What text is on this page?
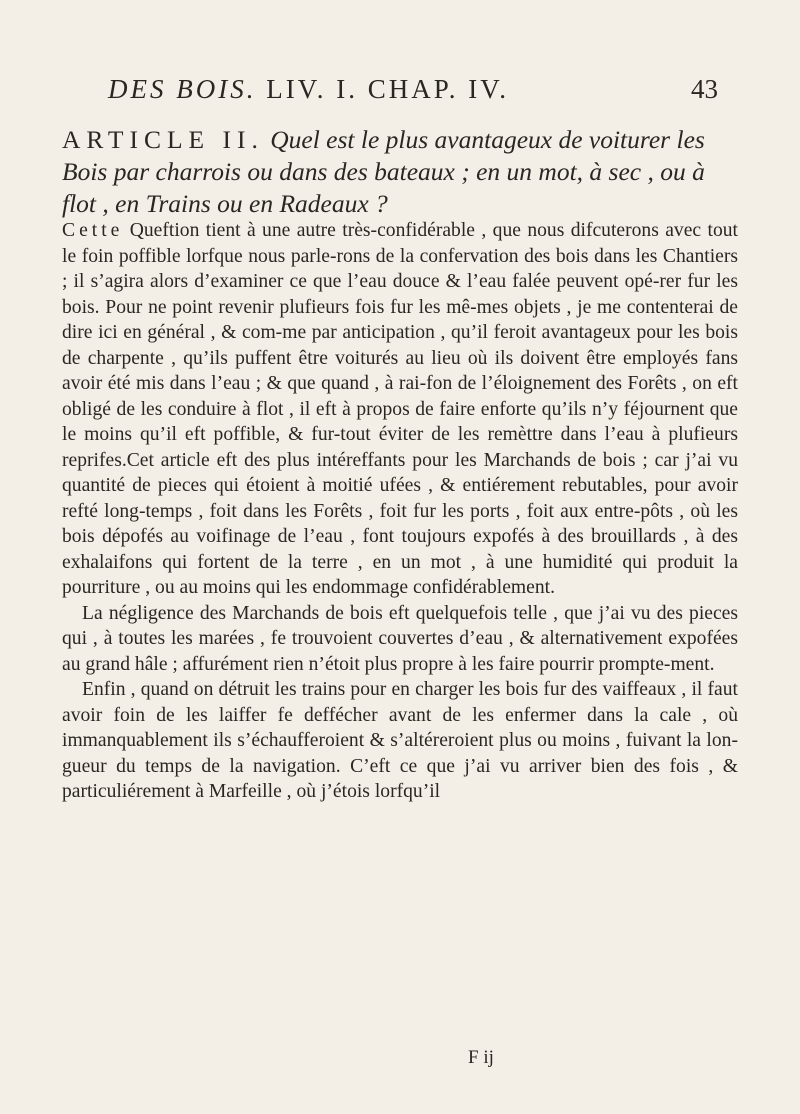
DES BOIS. LIV. I. CHAP. IV.	43
ARTICLE II. Quel est le plus avantageux de voiturer les Bois par charrois ou dans des bateaux ; en un mot, à sec , ou à flot , en Trains ou en Radeaux ?

Cette Queftion tient à une autre très-confidérable , que nous difcuterons avec tout le foin poffible lorfque nous parle-rons de la confervation des bois dans les Chantiers ; il s’agira alors d’examiner ce que l’eau douce & l’eau falée peuvent opé-rer fur les bois. Pour ne point revenir plufieurs fois fur les mê-mes objets , je me contenterai de dire ici en général , & com-me par anticipation , qu’il feroit avantageux pour les bois de charpente , qu’ils puffent être voiturés au lieu où ils doivent être employés fans avoir été mis dans l’eau ; & que quand , à rai-fon de l’éloignement des Forêts , on eft obligé de les conduire à flot , il eft à propos de faire enforte qu’ils n’y féjournent que le moins qu’il eft poffible, & fur-tout éviter de les remèttre dans l’eau à plufieurs reprifes.Cet article eft des plus intéreffants pour les Marchands de bois ; car j’ai vu quantité de pieces qui étoient à moitié ufées , & entiérement rebutables, pour avoir refté long-temps , foit dans les Forêts , foit fur les ports , foit aux entre-pôts , où les bois dépofés au voifinage de l’eau , font toujours expofés à des brouillards , à des exhalaifons qui fortent de la terre , en un mot , à une humidité qui produit la pourriture , ou au moins qui les endommage confidérablement.

La négligence des Marchands de bois eft quelquefois telle , que j’ai vu des pieces qui , à toutes les marées , fe trouvoient couvertes d’eau , & alternativement expofées au grand hâle ; affurément rien n’étoit plus propre à les faire pourrir prompte-ment.

Enfin , quand on détruit les trains pour en charger les bois fur des vaiffeaux , il faut avoir foin de les laiffer fe deffécher avant de les enfermer dans la cale , où immanquablement ils s’échaufferoient & s’altéreroient plus ou moins , fuivant la lon-gueur du temps de la navigation. C’eft ce que j’ai vu arriver bien des fois , & particuliérement à Marfeille , où j’étois lorfqu’il

F ij
